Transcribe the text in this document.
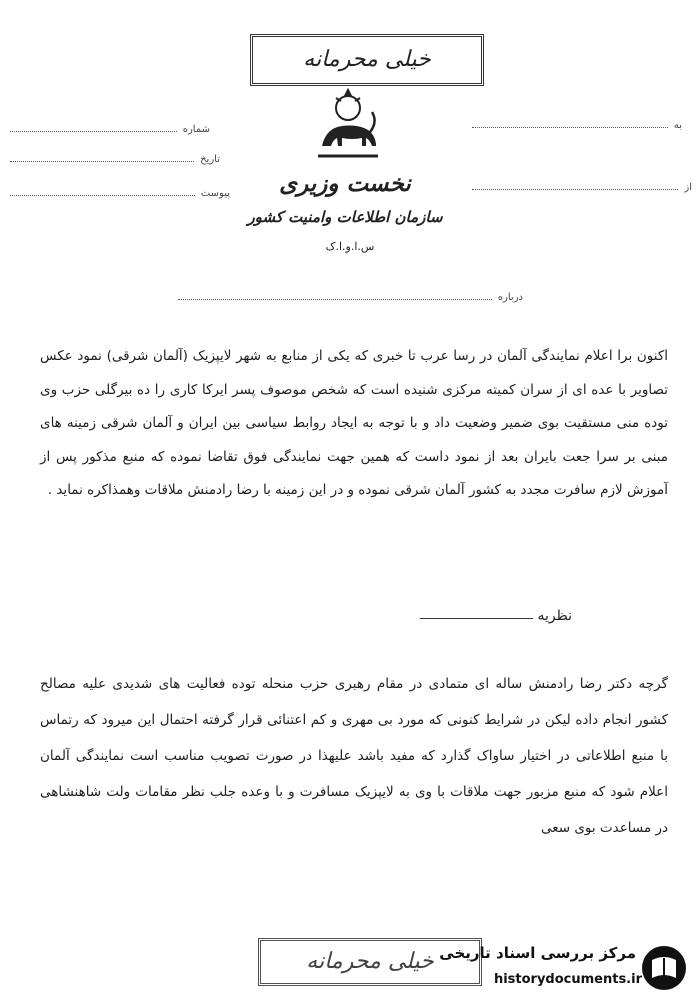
خیلی محرمانه
نخست وزیری
سازمان اطلاعات وامنیت کشور
س.ا.و.ا.ک
شماره
تاریخ
پیوست
به
از
درباره
اکنون برا اعلام نمایندگی آلمان در رسا عرب تا خبری که یکی از منابع به شهر لایپزیک (آلمان شرقی) نمود عکس تصاویر با عده ای از سران کمیته مرکزی شنیده است که شخص موصوف پسر ایرکا کاری را ده بیرگلی حزب وی توده منی مستقیت بوی ضمیر وضعیت داد و با توجه به ایجاد روابط سیاسی بین ایران و آلمان شرقی زمینه های مبنی بر سرا جعت بایران بعد از نمود داست که همین جهت نمایندگی فوق تقاضا نموده که منبع مذکور پس از آموزش لازم سافرت مجدد به کشور آلمان شرقی نموده و در این زمینه با رضا رادمنش ملاقات وهمذاکره نماید .
نظریه
گرچه دکتر رضا رادمنش ساله ای متمادی در مقام رهبری حزب منحله توده فعالیت های شدیدی علیه مصالح کشور انجام داده لیکن در شرایط کنونی که مورد بی مهری و کم اعتنائی قرار گرفته احتمال این میرود که رتماس با منبع اطلاعاتی در اختیار ساواک گذارد که مفید باشد علیهذا در صورت تصویب مناسب است نمایندگی آلمان اعلام شود که منبع مزبور جهت ملاقات با وی به لایپزیک مسافرت و با وعده جلب نظر مقامات ولت شاهنشاهی در مساعدت بوی سعی
خیلی محرمانه مرکز بررسی اسناد تاریخی
historydocuments.ir
